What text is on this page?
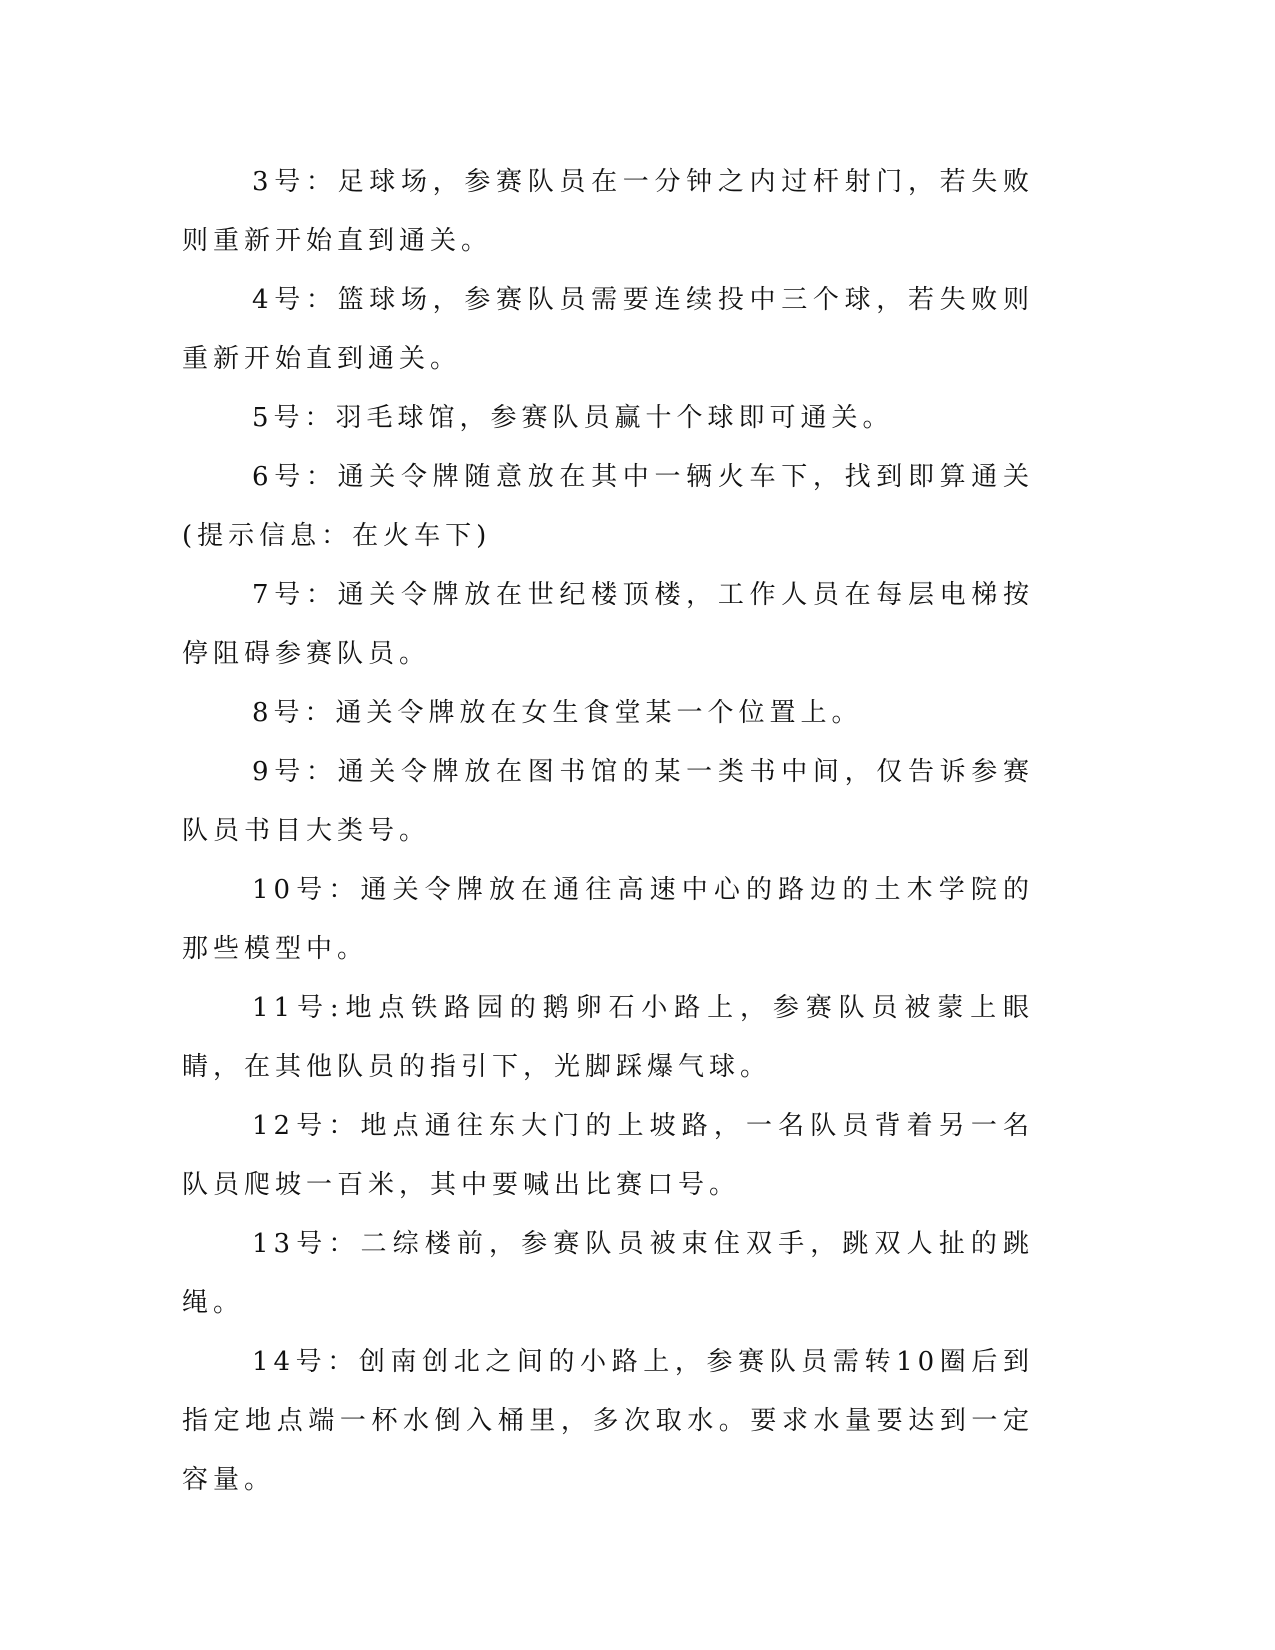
3号：足球场，参赛队员在一分钟之内过杆射门，若失败则重新开始直到通关。

4号：篮球场，参赛队员需要连续投中三个球，若失败则重新开始直到通关。

5号：羽毛球馆，参赛队员赢十个球即可通关。

6号：通关令牌随意放在其中一辆火车下，找到即算通关(提示信息：在火车下)

7号：通关令牌放在世纪楼顶楼，工作人员在每层电梯按停阻碍参赛队员。

8号：通关令牌放在女生食堂某一个位置上。

9号：通关令牌放在图书馆的某一类书中间，仅告诉参赛队员书目大类号。

10号：通关令牌放在通往高速中心的路边的土木学院的那些模型中。

11号:地点铁路园的鹅卵石小路上，参赛队员被蒙上眼睛，在其他队员的指引下，光脚踩爆气球。

12号：地点通往东大门的上坡路，一名队员背着另一名队员爬坡一百米，其中要喊出比赛口号。

13号：二综楼前，参赛队员被束住双手，跳双人扯的跳绳。

14号：创南创北之间的小路上，参赛队员需转10圈后到指定地点端一杯水倒入桶里，多次取水。要求水量要达到一定容量。
